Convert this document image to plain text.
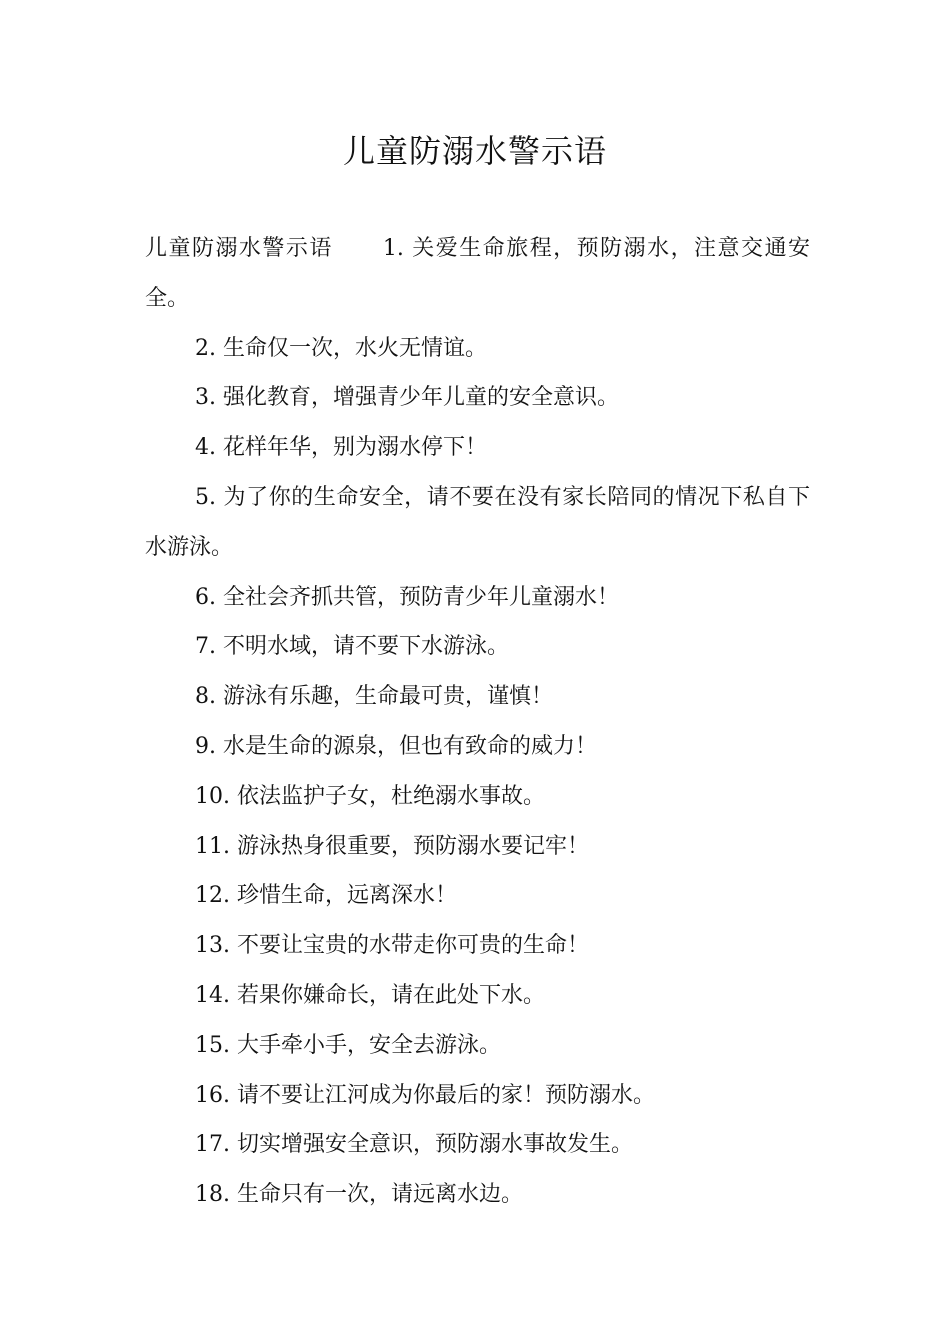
儿童防溺水警示语

儿童防溺水警示语 1. 关爱生命旅程，预防溺水，注意交通安全。

2. 生命仅一次，水火无情谊。

3. 强化教育，增强青少年儿童的安全意识。

4. 花样年华，别为溺水停下！

5. 为了你的生命安全，请不要在没有家长陪同的情况下私自下水游泳。

6. 全社会齐抓共管，预防青少年儿童溺水！

7. 不明水域，请不要下水游泳。

8. 游泳有乐趣，生命最可贵，谨慎！

9. 水是生命的源泉，但也有致命的威力！

10. 依法监护子女，杜绝溺水事故。

11. 游泳热身很重要，预防溺水要记牢！

12. 珍惜生命，远离深水！

13. 不要让宝贵的水带走你可贵的生命！

14. 若果你嫌命长，请在此处下水。

15. 大手牵小手，安全去游泳。

16. 请不要让江河成为你最后的家！预防溺水。

17. 切实增强安全意识，预防溺水事故发生。

18. 生命只有一次，请远离水边。
